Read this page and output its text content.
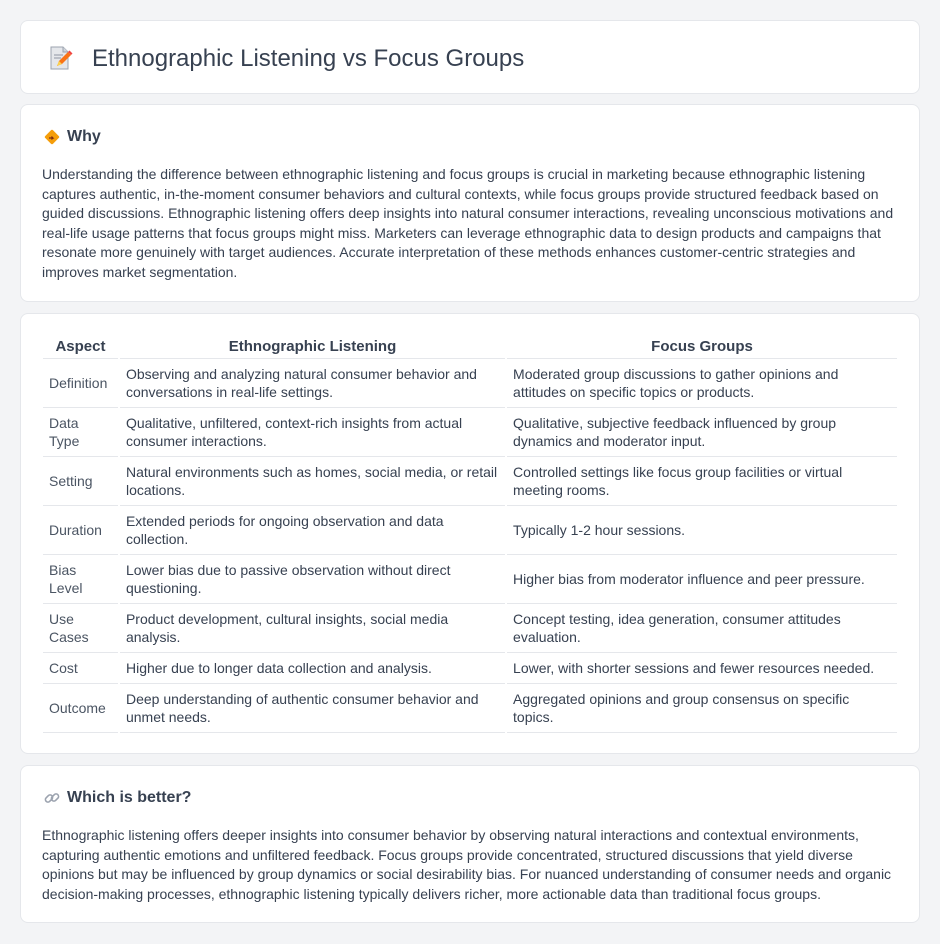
Ethnographic Listening vs Focus Groups
Why

Understanding the difference between ethnographic listening and focus groups is crucial in marketing because ethnographic listening captures authentic, in-the-moment consumer behaviors and cultural contexts, while focus groups provide structured feedback based on guided discussions. Ethnographic listening offers deep insights into natural consumer interactions, revealing unconscious motivations and real-life usage patterns that focus groups might miss. Marketers can leverage ethnographic data to design products and campaigns that resonate more genuinely with target audiences. Accurate interpretation of these methods enhances customer-centric strategies and improves market segmentation.

Aspect	Ethnographic Listening	Focus Groups
Definition	Observing and analyzing natural consumer behavior and conversations in real-life settings.	Moderated group discussions to gather opinions and attitudes on specific topics or products.
Data Type	Qualitative, unfiltered, context-rich insights from actual consumer interactions.	Qualitative, subjective feedback influenced by group dynamics and moderator input.
Setting	Natural environments such as homes, social media, or retail locations.	Controlled settings like focus group facilities or virtual meeting rooms.
Duration	Extended periods for ongoing observation and data collection.	Typically 1-2 hour sessions.
Bias Level	Lower bias due to passive observation without direct questioning.	Higher bias from moderator influence and peer pressure.
Use Cases	Product development, cultural insights, social media analysis.	Concept testing, idea generation, consumer attitudes evaluation.
Cost	Higher due to longer data collection and analysis.	Lower, with shorter sessions and fewer resources needed.
Outcome	Deep understanding of authentic consumer behavior and unmet needs.	Aggregated opinions and group consensus on specific topics.
Which is better?

Ethnographic listening offers deeper insights into consumer behavior by observing natural interactions and contextual environments, capturing authentic emotions and unfiltered feedback. Focus groups provide concentrated, structured discussions that yield diverse opinions but may be influenced by group dynamics or social desirability bias. For nuanced understanding of consumer needs and organic decision-making processes, ethnographic listening typically delivers richer, more actionable data than traditional focus groups.
